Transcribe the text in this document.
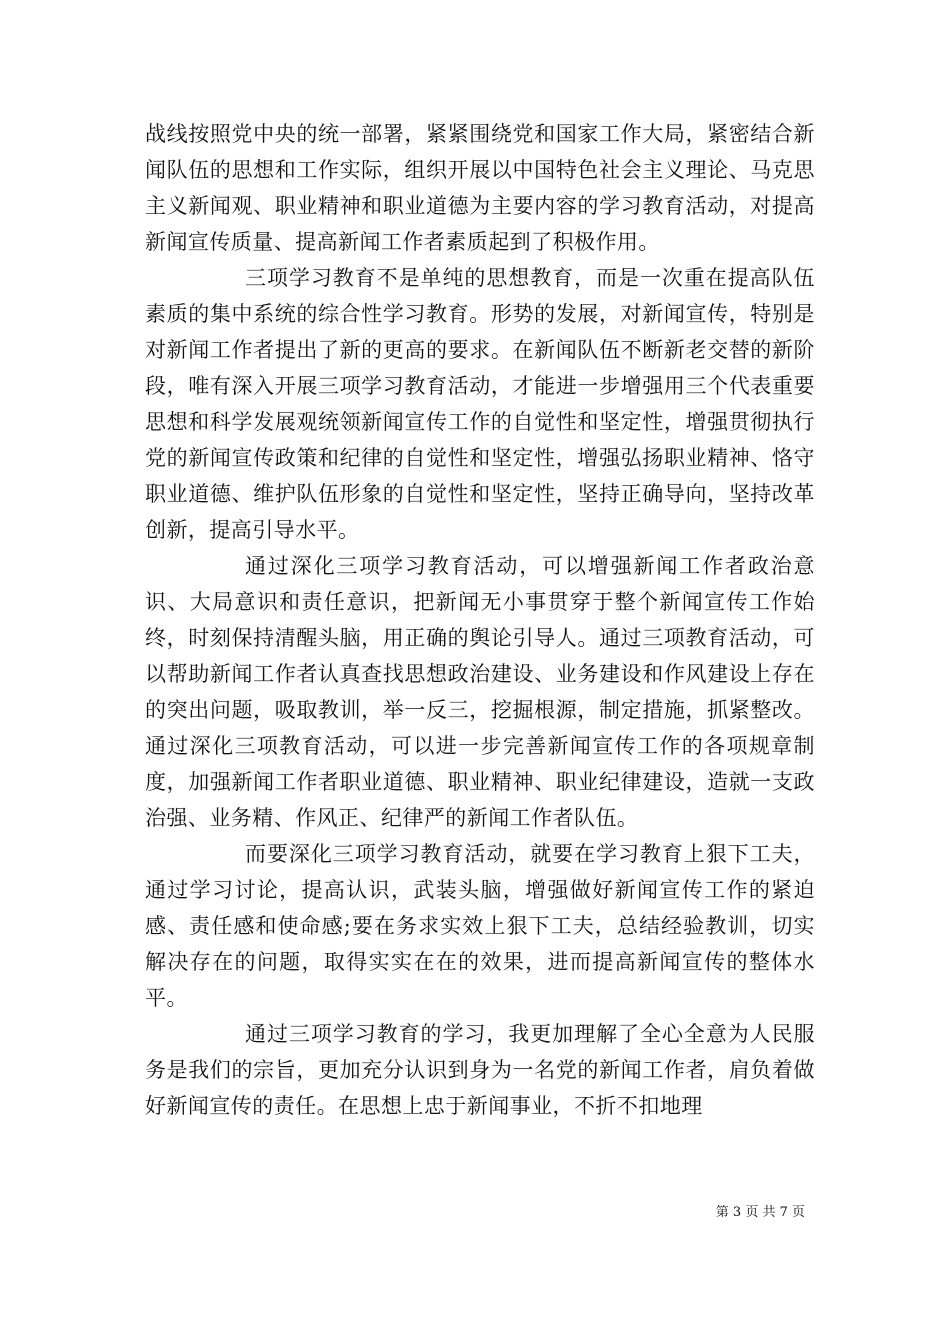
战线按照党中央的统一部署，紧紧围绕党和国家工作大局，紧密结合新闻队伍的思想和工作实际，组织开展以中国特色社会主义理论、马克思主义新闻观、职业精神和职业道德为主要内容的学习教育活动，对提高新闻宣传质量、提高新闻工作者素质起到了积极作用。

三项学习教育不是单纯的思想教育，而是一次重在提高队伍素质的集中系统的综合性学习教育。形势的发展，对新闻宣传，特别是对新闻工作者提出了新的更高的要求。在新闻队伍不断新老交替的新阶段，唯有深入开展三项学习教育活动，才能进一步增强用三个代表重要思想和科学发展观统领新闻宣传工作的自觉性和坚定性，增强贯彻执行党的新闻宣传政策和纪律的自觉性和坚定性，增强弘扬职业精神、恪守职业道德、维护队伍形象的自觉性和坚定性，坚持正确导向，坚持改革创新，提高引导水平。

通过深化三项学习教育活动，可以增强新闻工作者政治意识、大局意识和责任意识，把新闻无小事贯穿于整个新闻宣传工作始终，时刻保持清醒头脑，用正确的舆论引导人。通过三项教育活动，可以帮助新闻工作者认真查找思想政治建设、业务建设和作风建设上存在的突出问题，吸取教训，举一反三，挖掘根源，制定措施，抓紧整改。通过深化三项教育活动，可以进一步完善新闻宣传工作的各项规章制度，加强新闻工作者职业道德、职业精神、职业纪律建设，造就一支政治强、业务精、作风正、纪律严的新闻工作者队伍。

而要深化三项学习教育活动，就要在学习教育上狠下工夫，通过学习讨论，提高认识，武装头脑，增强做好新闻宣传工作的紧迫感、责任感和使命感;要在务求实效上狠下工夫，总结经验教训，切实解决存在的问题，取得实实在在的效果，进而提高新闻宣传的整体水平。

通过三项学习教育的学习，我更加理解了全心全意为人民服务是我们的宗旨，更加充分认识到身为一名党的新闻工作者，肩负着做好新闻宣传的责任。在思想上忠于新闻事业，不折不扣地理

第 3 页 共 7 页
